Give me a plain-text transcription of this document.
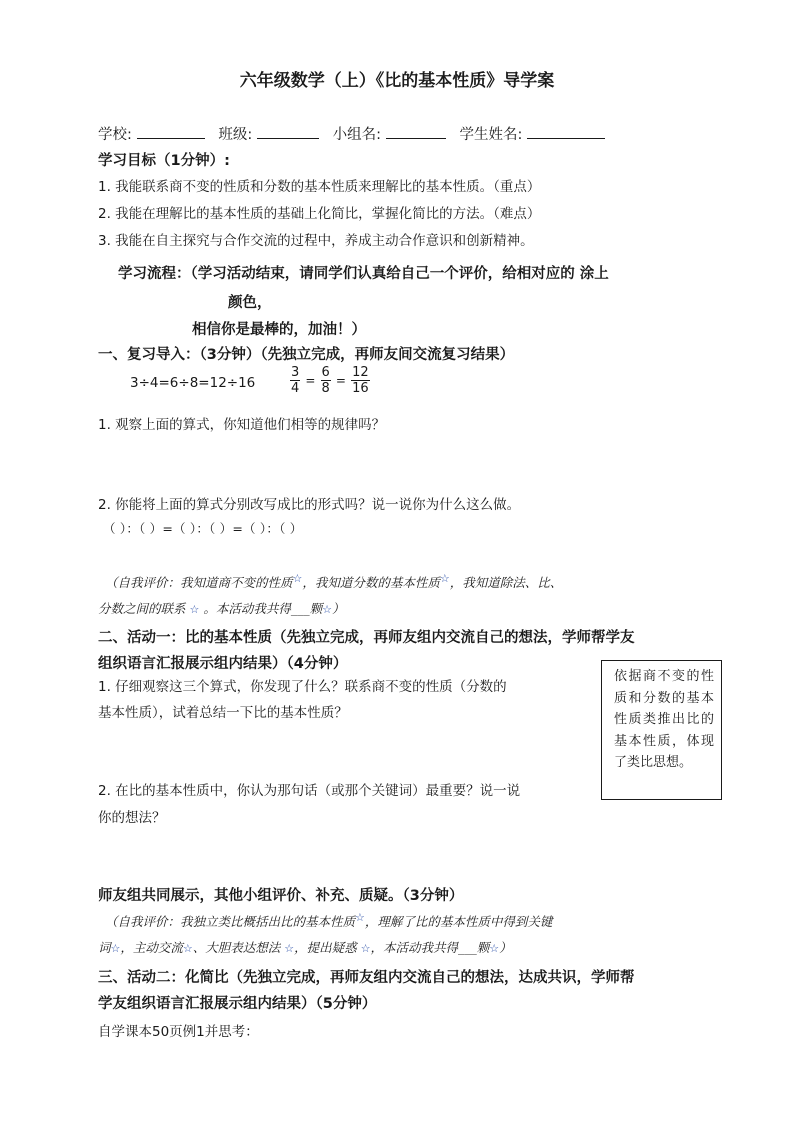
六年级数学（上）《比的基本性质》导学案
学校:	班级:	小组名:	学生姓名:
学习目标（1分钟）:
1. 我能联系商不变的性质和分数的基本性质来理解比的基本性质。（重点）
2. 我能在理解比的基本性质的基础上化简比，掌握化简比的方法。（难点）
3. 我能在自主探究与合作交流的过程中，养成主动合作意识和创新精神。
学习流程：（学习活动结束，请同学们认真给自己一个评价，给相对应的 涂上
颜色，
相信你是最棒的，加油！）
一、复习导入：（3分钟）（先独立完成，再师友间交流复习结果）
3÷4=6÷8=12÷16	$\frac{3}{4} = \frac{6}{8} = \frac{12}{16}$
1. 观察上面的算式，你知道他们相等的规律吗？
2. 你能将上面的算式分别改写成比的形式吗？说一说你为什么这么做。
（ ）：（ ）=（ ）：（ ）=（ ）：（ ）
（自我评价：我知道商不变的性质☆，我知道分数的基本性质☆，我知道除法、比、
分数之间的联系 ☆ 。本活动我共得___颗☆）
二、活动一：比的基本性质（先独立完成，再师友组内交流自己的想法，学师帮学友
组织语言汇报展示组内结果）（4分钟）
1. 仔细观察这三个算式，你发现了什么？联系商不变的性质（分数的
基本性质），试着总结一下比的基本性质？
2. 在比的基本性质中，你认为那句话（或那个关键词）最重要？说一说
你的想法？
依据商不变的性质和分数的基本性质类推出比的基本性质，体现了类比思想。
师友组共同展示，其他小组评价、补充、质疑。（3分钟）
（自我评价：我独立类比概括出比的基本性质☆，理解了比的基本性质中得到关键
词☆，主动交流☆、大胆表达想法 ☆，提出疑惑 ☆，本活动我共得___颗☆）
三、活动二：化简比（先独立完成，再师友组内交流自己的想法，达成共识，学师帮
学友组织语言汇报展示组内结果）（5分钟）
自学课本50页例1并思考：
